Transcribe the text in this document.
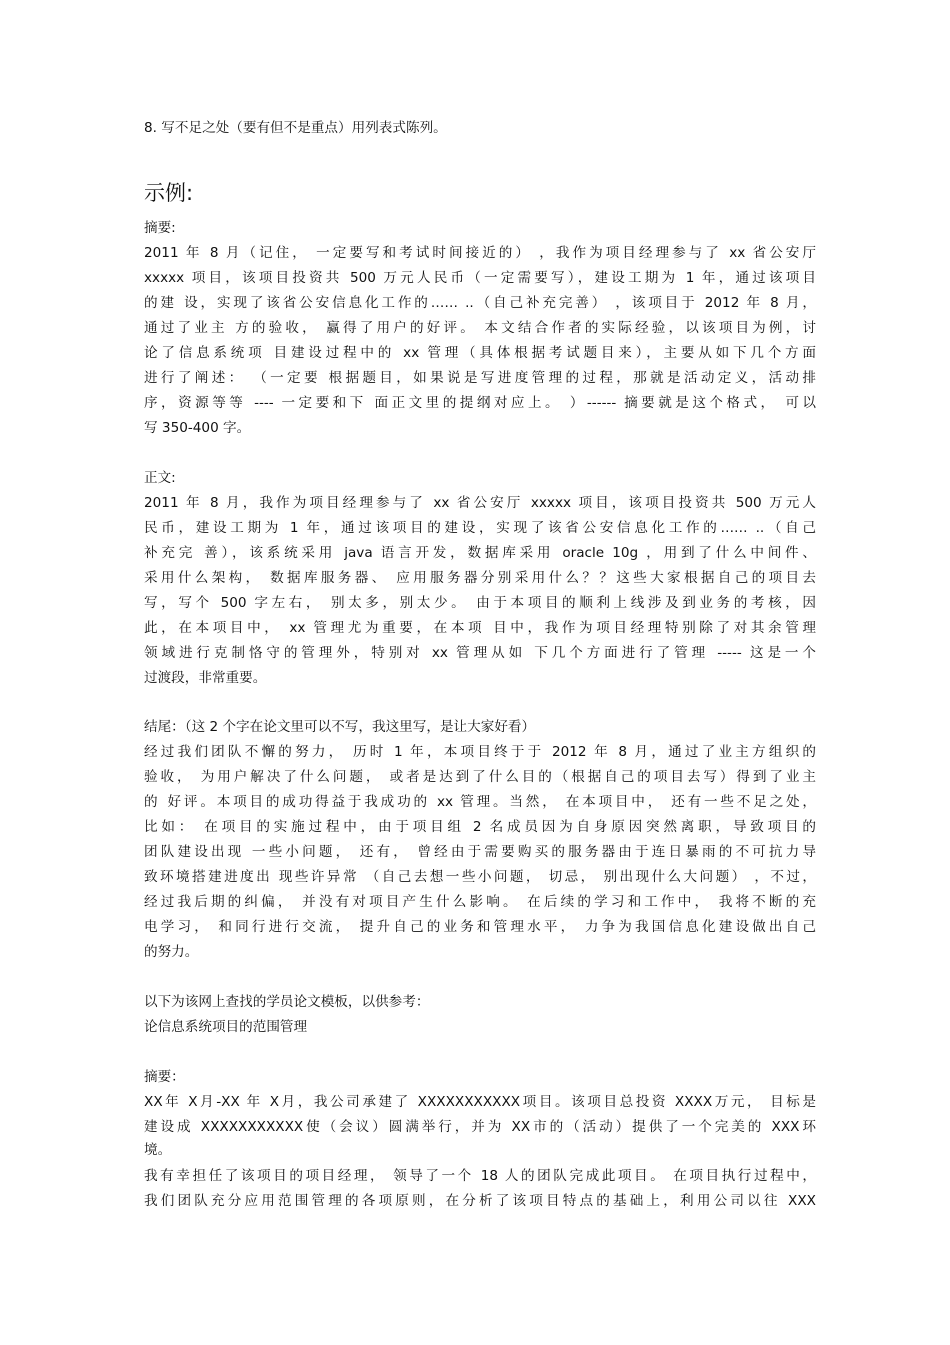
8. 写不足之处（要有但不是重点）用列表式陈列。
示例:
摘要:
2011 年 8 月（记住， 一定要写和考试时间接近的） ，我作为项目经理参与了 xx 省公安厅
xxxxx 项目，该项目投资共 500 万元人民币（一定需要写），建设工期为 1 年，通过该项目
的建 设，实现了该省公安信息化工作的…… ..（自己补充完善） ，该项目于 2012 年 8 月，
通过了业主 方的验收， 赢得了用户的好评。 本文结合作者的实际经验，以该项目为例，讨
论了信息系统项 目建设过程中的 xx 管理（具体根据考试题目来），主要从如下几个方面
进行了阐述： （一定要 根据题目，如果说是写进度管理的过程，那就是活动定义，活动排
序，资源等等 ---- 一定要和下 面正文里的提纲对应上。 ）------ 摘要就是这个格式， 可以
写 350-400 字。
正文:
2011 年 8 月，我作为项目经理参与了 xx 省公安厅 xxxxx 项目，该项目投资共 500 万元人
民币，建设工期为 1 年，通过该项目的建设，实现了该省公安信息化工作的…… ..（自己
补充完 善），该系统采用 java 语言开发，数据库采用 oracle 10g ，用到了什么中间件、
采用什么架构， 数据库服务器、 应用服务器分别采用什么？？这些大家根据自己的项目去
写，写个 500 字左右， 别太多，别太少。 由于本项目的顺利上线涉及到业务的考核，因
此，在本项目中， xx 管理尤为重要，在本项 目中，我作为项目经理特别除了对其余管理
领域进行克制恪守的管理外，特别对 xx 管理从如 下几个方面进行了管理 ----- 这是一个
过渡段，非常重要。
结尾：（这 2 个字在论文里可以不写，我这里写，是让大家好看）
经过我们团队不懈的努力， 历时 1 年，本项目终于于 2012 年 8 月，通过了业主方组织的
验收， 为用户解决了什么问题， 或者是达到了什么目的（根据自己的项目去写）得到了业主
的 好评。本项目的成功得益于我成功的 xx 管理。当然， 在本项目中， 还有一些不足之处，
比如： 在项目的实施过程中，由于项目组 2 名成员因为自身原因突然离职，导致项目的
团队建设出现 一些小问题， 还有， 曾经由于需要购买的服务器由于连日暴雨的不可抗力导
致环境搭建进度出 现些许异常 （自己去想一些小问题， 切忌， 别出现什么大问题） ，不过，
经过我后期的纠偏， 并没有对项目产生什么影响。 在后续的学习和工作中， 我将不断的充
电学习， 和同行进行交流， 提升自己的业务和管理水平， 力争为我国信息化建设做出自己
的努力。
以下为该网上查找的学员论文模板，以供参考：
论信息系统项目的范围管理
摘要：
XX年 X月-XX 年 X月，我公司承建了 XXXXXXXXXXX项目。该项目总投资 XXXX万元， 目标是
建设成 XXXXXXXXXXX使（会议）圆满举行，并为 XX市的（活动）提供了一个完美的 XXX环
境。
我有幸担任了该项目的项目经理， 领导了一个 18 人的团队完成此项目。 在项目执行过程中，
我们团队充分应用范围管理的各项原则，在分析了该项目特点的基础上，利用公司以往 XXX
